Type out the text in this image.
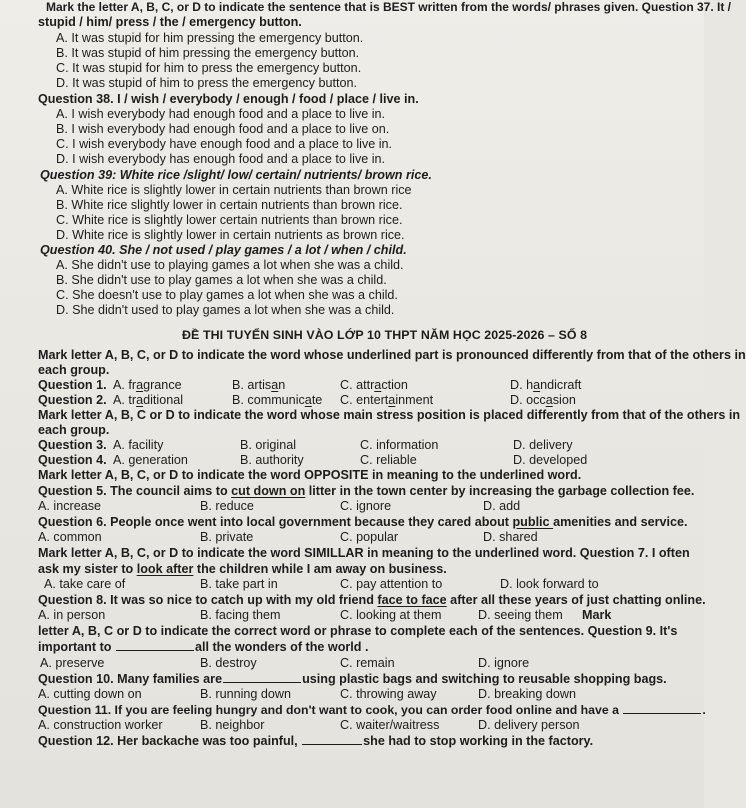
Mark the letter A, B, C, or D to indicate the sentence that is BEST written from the words/ phrases given. Question 37. It /
stupid / him/ press / the / emergency button.
A. It was stupid for him pressing the emergency button.
B. It was stupid of him pressing the emergency button.
C. It was stupid for him to press the emergency button.
D. It was stupid of him to press the emergency button.
Question 38. I / wish / everybody / enough / food / place / live in.
A. I wish everybody had enough food and a place to live in.
B. I wish everybody had enough food and a place to live on.
C. I wish everybody have enough food and a place to live in.
D. I wish everybody has enough food and a place to live in.
Question 39: White rice /slight/ low/ certain/ nutrients/ brown rice.
A. White rice is slightly lower in certain nutrients than brown rice
B. White rice slightly lower in certain nutrients than brown rice.
C. White rice is slightly lower certain nutrients than brown rice.
D. White rice is slightly lower in certain nutrients as brown rice.
Question 40. She / not used / play games / a lot / when / child.
A. She didn't use to playing games a lot when she was a child.
B. She didn't use to play games a lot when she was a child.
C. She doesn't use to play games a lot when she was a child.
D. She didn't used to play games a lot when she was a child.
ĐỀ THI TUYỂN SINH VÀO LỚP 10 THPT NĂM HỌC 2025-2026 – SỐ 8
Mark letter A, B, C, or D to indicate the word whose underlined part is pronounced differently from that of the others in
each group.
Question 1. A. fragrance	B. artisan	C. attraction	D. handicraft
Question 2. A. traditional	B. communicate C. entertainment	D. occasion
Mark letter A, B, C or D to indicate the word whose main stress position is placed differently from that of the others in
each group.
Question 3. A. facility	B. original	C. information	D. delivery
Question 4. A. generation	B. authority	C. reliable	D. developed
Mark letter A, B, C, or D to indicate the word OPPOSITE in meaning to the underlined word.
Question 5. The council aims to cut down on litter in the town center by increasing the garbage collection fee.
A. increase	B. reduce	C. ignore	D. add
Question 6. People once went into local government because they cared about public amenities and service.
A. common	B. private	C. popular	D. shared
Mark letter A, B, C, or D to indicate the word SIMILLAR in meaning to the underlined word. Question 7. I often
ask my sister to look after the children while I am away on business.
A. take care of	B. take part in	C. pay attention to	D. look forward to
Question 8. It was so nice to catch up with my old friend face to face after all these years of just chatting online.
A. in person	B. facing them	C. looking at them	D. seeing them Mark
letter A, B, C or D to indicate the correct word or phrase to complete each of the sentences. Question 9. It's
important to	all the wonders of the world .
A. preserve	B. destroy	C. remain	D. ignore
Question 10. Many families are	using plastic bags and switching to reusable shopping bags.
A. cutting down on	B. running down	C. throwing away	D. breaking down
Question 11. If you are feeling hungry and don't want to cook, you can order food online and have a	.
A. construction worker	B. neighbor	C. waiter/waitress	D. delivery person
Question 12. Her backache was too painful,	she had to stop working in the factory.
